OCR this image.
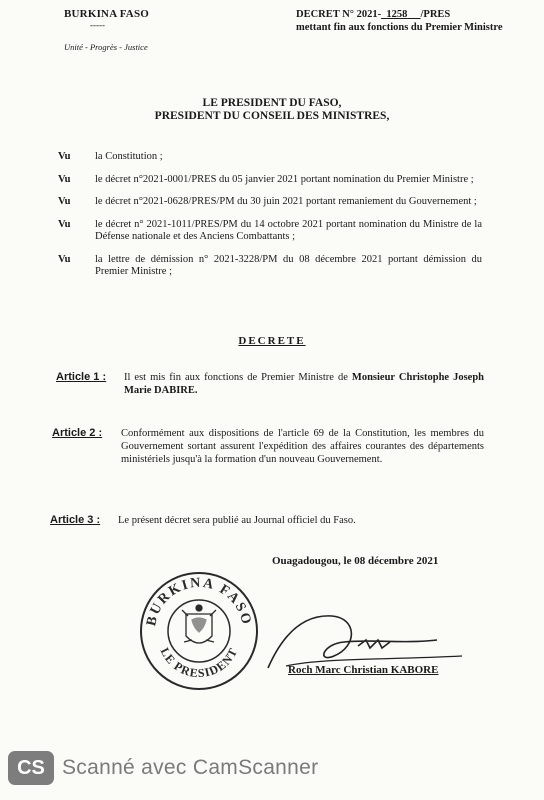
BURKINA FASO
-----
Unité - Progrès - Justice
DECRET N° 2021- 1258 /PRES
mettant fin aux fonctions du Premier Ministre
LE PRESIDENT DU FASO,
PRESIDENT DU CONSEIL DES MINISTRES,
Vu	la Constitution ;
Vu	le décret n°2021-0001/PRES du 05 janvier 2021 portant nomination du Premier Ministre ;
Vu	le décret n°2021-0628/PRES/PM du 30 juin 2021 portant remaniement du Gouvernement ;
Vu	le décret n° 2021-1011/PRES/PM du 14 octobre 2021 portant nomination du Ministre de la Défense nationale et des Anciens Combattants ;
Vu	la lettre de démission n° 2021-3228/PM du 08 décembre 2021 portant démission du Premier Ministre ;
DECRETE
Article 1 :	Il est mis fin aux fonctions de Premier Ministre de Monsieur Christophe Joseph Marie DABIRE.
Article 2 :	Conformément aux dispositions de l'article 69 de la Constitution, les membres du Gouvernement sortant assurent l'expédition des affaires courantes des départements ministériels jusqu'à la formation d'un nouveau Gouvernement.
Article 3 :	Le présent décret sera publié au Journal officiel du Faso.
Ouagadougou, le 08 décembre 2021
BURKINA FASO
LE PRESIDENT
Roch Marc Christian KABORE
CS Scanné avec CamScanner
